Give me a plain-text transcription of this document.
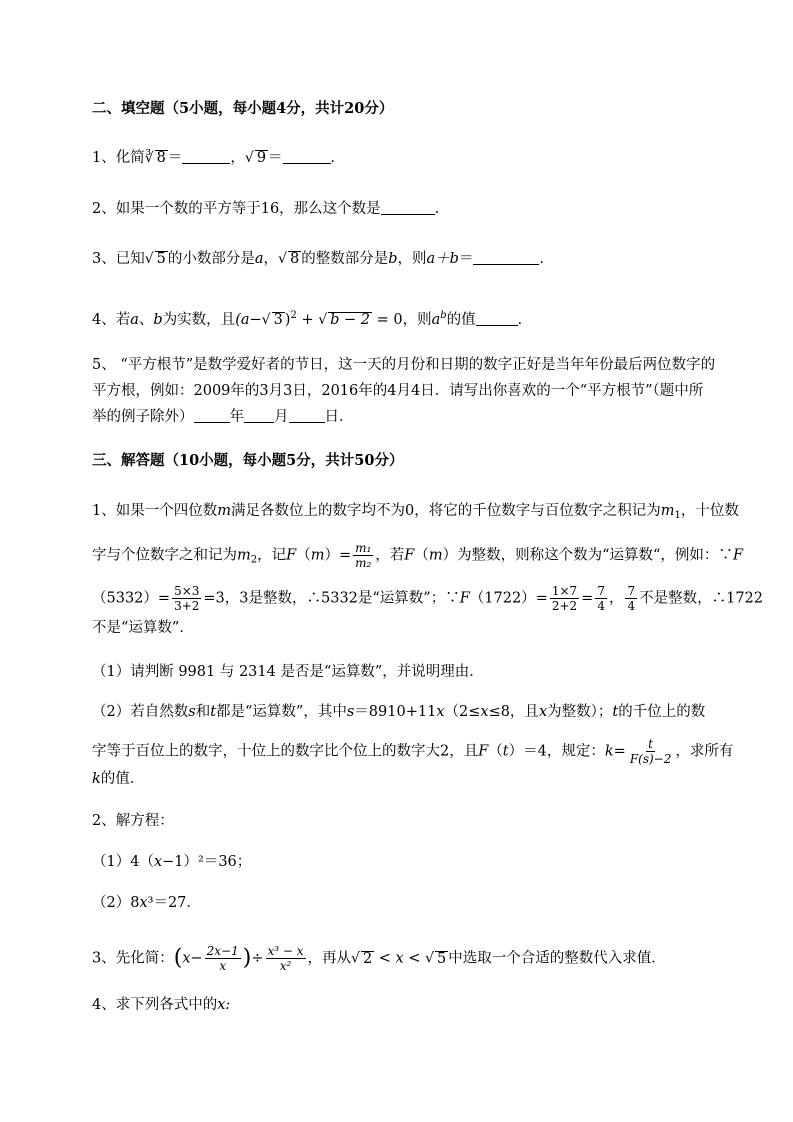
二、填空题（5小题，每小题4分，共计20分）
1、化简∛ 8 ＝	，√ 9 ＝	．
2、如果一个数的平方等于16，那么这个数是	．
3、已知√ 5 的小数部分是a，√ 8 的整数部分是b，则a＋b＝	．
4、若a、b为实数，且(a−√ 3 )$^2$ + √ b − 2 = 0，则$a^b$的值	．
5、 “平方根节”是数学爱好者的节日，这一天的月份和日期的数字正好是当年年份最后两位数字的
平方根，例如：2009年的3月3日，2016年的4月4日．请写出你喜欢的一个“平方根节”（题中所
举的例子除外） 年 月 日．
三、解答题（10小题，每小题5分，共计50分）
1、如果一个四位数m满足各数位上的数字均不为0，将它的千位数字与百位数字之积记为$m_1$，十位数
字与个位数字之和记为$m_2$，记$F(m)= \frac{\text{m₁}}{\text{m₂}}$ ，若F（m）为整数，则称这个数为“运算数“，例如：∵F
$(5332)= \frac{5\times 3}{3+2} =3$，3是整数，∴5332是“运算数”；∵F（1722）= $\frac{1\times 7}{2+2} = \frac{7}{4}$ ， $\frac{7}{4}$ 不是整数，∴1722
不是“运算数”．
（1）请判断 9981 与 2314 是否是“运算数”，并说明理由．
（2）若自然数s和t都是“运算数”，其中s＝8910+11x（2≤x≤8，且x为整数）；t的千位上的数
字等于百位上的数字，十位上的数字比个位上的数字大2，且F（t）＝4，规定：$k= \frac{t}{F(s)-2}$ ，求所有
k的值．
2、解方程：
（1）4（x−1）²＝36；
（2）8x³＝27．
3、先化简：($x- \frac{2x-1}{x}$ )÷ $\frac{\text{x³ − x}}{\text{x²}}$ ，再从√ 2 < x < √ 5 中选取一个合适的整数代入求值．
4、求下列各式中的x:
